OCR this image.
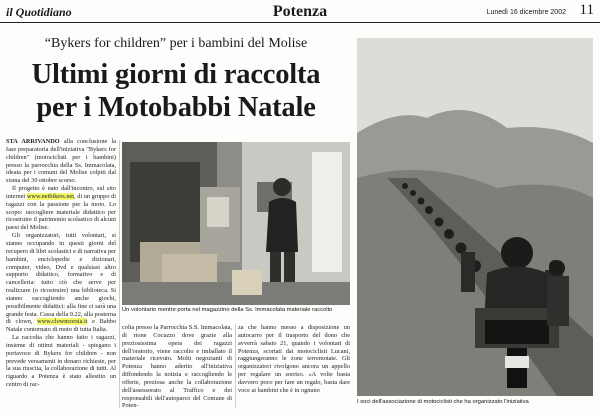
il Quotidiano	Potenza	Lunedì 16 dicembre 2002 11
“Bykers for children” per i bambini del Molise
Ultimi giorni di raccolta
per i Motobabbi Natale

STA ARRIVANDO alla conclusione la fase preparatoria dell'iniziativa "Bykers for children" (motociclisti per i bambini) presso la parrocchia della Ss. Immacolata, ideata per i comuni del Molise colpiti dal sisma del 30 ottobre scorso.

Il progetto è nato dall'incontro, sul sito internet www.netbikers.net, di un gruppo di ragazzi con la passione per la moto. Lo scopo: raccogliere materiale didattico per ricostruire il patrimonio scolastico di alcuni paesi del Molise.

Gli organizzatori, tutti volontari, si stanno occupando in questi giorni del recupero di libri scolastici e di narrativa per bambini, enciclopedie e dizionari, computer, video, Dvd e qualsiasi altro supporto didattico, formativo e di cancelleria: tutto ciò che serve per realizzare (o ricostruire) una biblioteca. Si stanno raccogliendo anche giochi, possibilmente didattici: alla fine ci sarà una grande festa. Cassa della 9.22, alla posterna di clown, www.clowncorsia.it e Babbo Natale contornato di moto di tutta Italia.

La raccolta che hanno fatto i ragazzi, insieme di ottimi materiali - spiegano i portavoce di Bykers for children - non prevede versamenti in denaro richieste, per la sua riuscita, la collaborazione di tutti. Al riguardo a Potenza è stato allestito un centro di rac-

Un volontario mentre porta nel magazzino della Ss. Immacolata materiale raccolto

colta presso la Parrocchia S.S. Immacolata, di rione Cocuzzo dove grazie alla preziosissima opera dei ragazzi dell'oratorio, viene raccolto e imballato il materiale ricevuto. Molti negozianti di Potenza hanno aderito all'iniziativa diffondendo la notizia e raccogliendo le offerte, preziosa anche la collaborazione dell'assessorato al Traffico e dei responsabili dell'autoparco del Comune di Poten-

za che hanno messo a disposizione un autocarro per il trasporto del dono che avverrà sabato 21, quando i volontari di Potenza, scortati dai motociclisti Lucani, raggiungeranno le zone terremotate. Gli organizzatori rivolgono ancora un appello per regalare un sorriso. «A volte basta davvero poco per fare un regalo, basta dare voce ai bambini che è in ognuno

I soci dell'associazione di motociclisti che ha organizzato l'iniziativa
